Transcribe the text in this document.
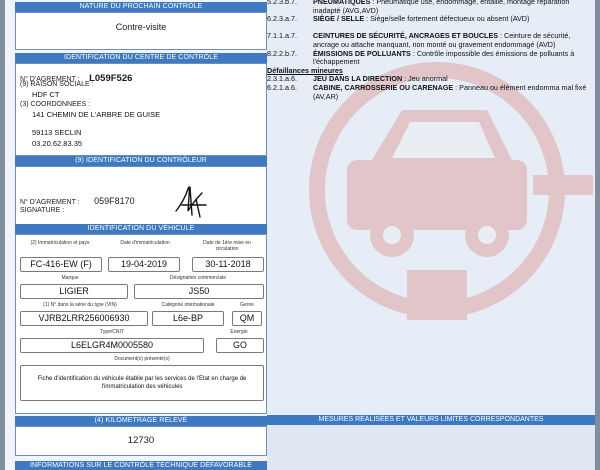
NATURE DU PROCHAIN CONTRÔLE
Contre-visite
IDENTIFICATION DU CENTRE DE CONTRÔLE
N° D'AGREMENT : L059F526
(9) RAISON SOCIALE :
HDF CT
(3) COORDONNEES :
141 CHEMIN DE L'ARBRE DE GUISE
59113 SECLIN
03.20.62.83.35
(9) IDENTIFICATION DU CONTRÔLEUR
N° D'AGREMENT : 059F8170
SIGNATURE :
IDENTIFICATION DU VÉHICULE
(2) Immatriculation et pays	Date d'immatriculation	Date de 1ère mise en circulation
FC-416-EW (F)	19-04-2019	30-11-2018
Marque	Désignation commerciale
LIGIER	JS50
(1) N° dans la série du type (VIN)	Catégorie internationale	Genre
VJRB2LRR256006930	L6e-BP	QM
Type/CNIT	Energie
L6ELGR4M0005580	GO
Document(s) présenté(s)
Fiche d'identification du véhicule établie par les services de l'Etat en charge de l'immatriculation des véhicules
(4) KILOMETRAGE RELEVÉ
12730
INFORMATIONS SUR LE CONTRÔLE TECHNIQUE DÉFAVORABLE
5.2.3.b.7.	PNEUMATIQUES : Pneumatique usé, endommagé, entaillé, montage réparation inadapté (AVG,AVD)
6.2.3.a.7.	SIÈGE / SELLE : Siège/selle fortement défectueux ou absent (AVD)
7.1.1.a.7.	CEINTURES DE SÉCURITÉ, ANCRAGES ET BOUCLES : Ceinture de sécurité, ancrage ou attache manquant, non monté ou gravement endommagé (AVD)
8.2.2.b.7.	ÉMISSIONS DE POLLUANTS : Contrôle impossible des émissions de polluants à l'échappement
Défaillances mineures
2.3.1.a.6.	JEU DANS LA DIRECTION : Jeu anormal
6.2.1.a.6.	CABINE, CARROSSERIE OU CARENAGE : Panneau ou élément endomma mal fixé (AV,AR)
MESURES RÉALISÉES ET VALEURS LIMITES CORRESPONDANTES
